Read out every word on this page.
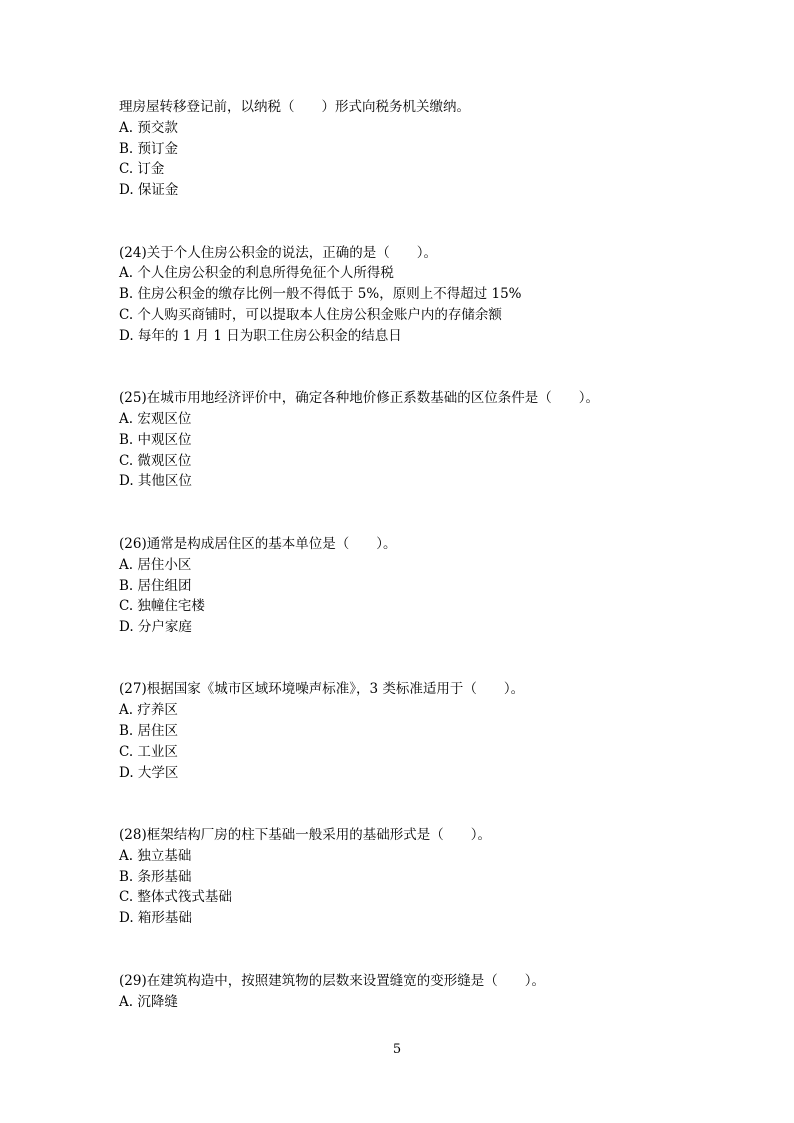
理房屋转移登记前，以纳税（　　）形式向税务机关缴纳。
A. 预交款
B. 预订金
C. 订金
D. 保证金
(24)关于个人住房公积金的说法，正确的是（　　）。
A. 个人住房公积金的利息所得免征个人所得税
B. 住房公积金的缴存比例一般不得低于 5%，原则上不得超过 15%
C. 个人购买商铺时，可以提取本人住房公积金账户内的存储余额
D. 每年的 1 月 1 日为职工住房公积金的结息日
(25)在城市用地经济评价中，确定各种地价修正系数基础的区位条件是（　　）。
A. 宏观区位
B. 中观区位
C. 微观区位
D. 其他区位
(26)通常是构成居住区的基本单位是（　　）。
A. 居住小区
B. 居住组团
C. 独幢住宅楼
D. 分户家庭
(27)根据国家《城市区域环境噪声标准》，3 类标准适用于（　　）。
A. 疗养区
B. 居住区
C. 工业区
D. 大学区
(28)框架结构厂房的柱下基础一般采用的基础形式是（　　）。
A. 独立基础
B. 条形基础
C. 整体式筏式基础
D. 箱形基础
(29)在建筑构造中，按照建筑物的层数来设置缝宽的变形缝是（　　）。
A. 沉降缝
5
